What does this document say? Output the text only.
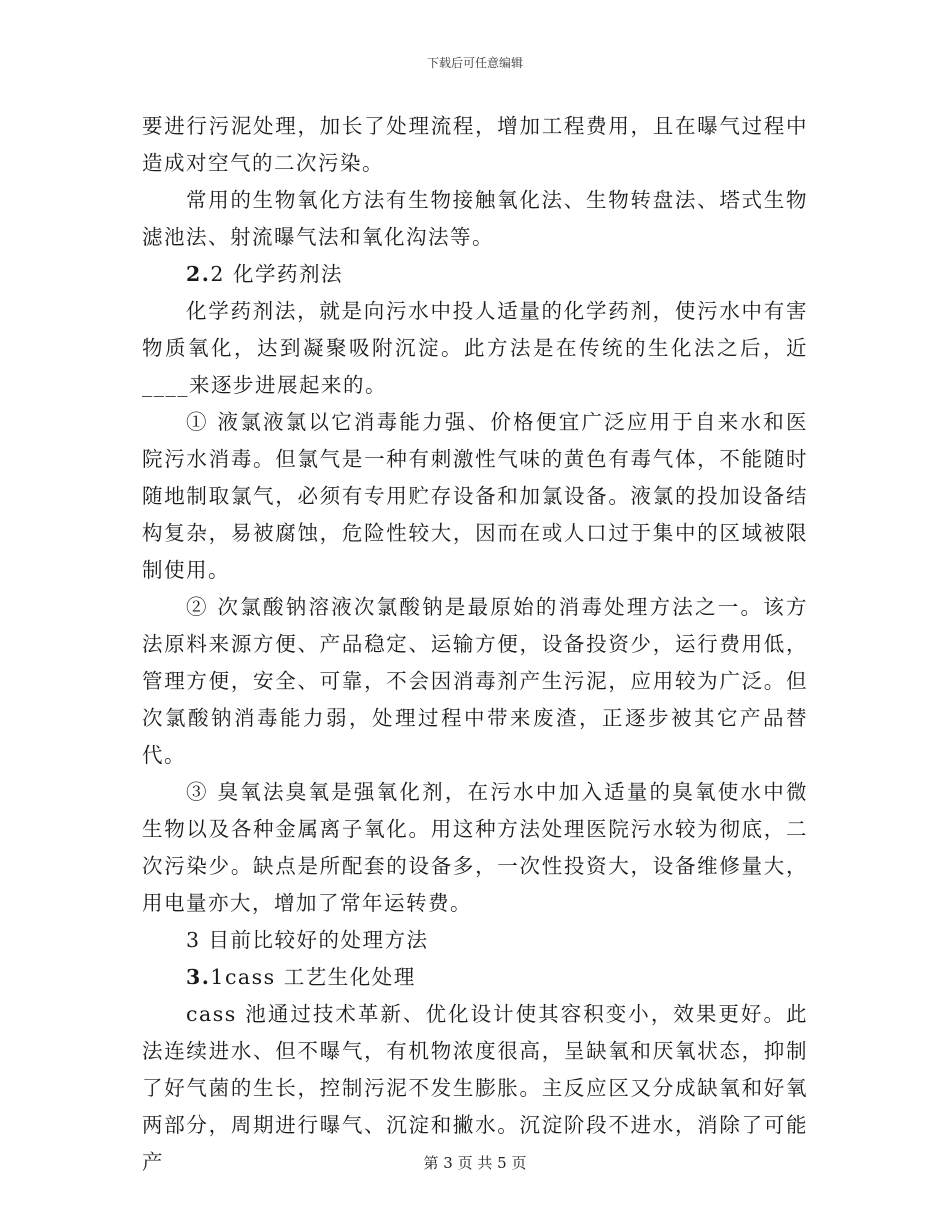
下载后可任意编辑

要进行污泥处理，加长了处理流程，增加工程费用，且在曝气过程中造成对空气的二次污染。

常用的生物氧化方法有生物接触氧化法、生物转盘法、塔式生物滤池法、射流曝气法和氧化沟法等。

2.2 化学药剂法

化学药剂法，就是向污水中投人适量的化学药剂，使污水中有害物质氧化，达到凝聚吸附沉淀。此方法是在传统的生化法之后，近____来逐步进展起来的。

① 液氯液氯以它消毒能力强、价格便宜广泛应用于自来水和医院污水消毒。但氯气是一种有刺激性气味的黄色有毒气体，不能随时随地制取氯气，必须有专用贮存设备和加氯设备。液氯的投加设备结构复杂，易被腐蚀，危险性较大，因而在或人口过于集中的区域被限制使用。

② 次氯酸钠溶液次氯酸钠是最原始的消毒处理方法之一。该方法原料来源方便、产品稳定、运输方便，设备投资少，运行费用低，管理方便，安全、可靠，不会因消毒剂产生污泥，应用较为广泛。但次氯酸钠消毒能力弱，处理过程中带来废渣，正逐步被其它产品替代。

③ 臭氧法臭氧是强氧化剂，在污水中加入适量的臭氧使水中微生物以及各种金属离子氧化。用这种方法处理医院污水较为彻底，二次污染少。缺点是所配套的设备多，一次性投资大，设备维修量大，用电量亦大，增加了常年运转费。

3 目前比较好的处理方法

3.1cass 工艺生化处理

cass 池通过技术革新、优化设计使其容积变小，效果更好。此法连续进水、但不曝气，有机物浓度很高，呈缺氧和厌氧状态，抑制了好气菌的生长，控制污泥不发生膨胀。主反应区又分成缺氧和好氧两部分，周期进行曝气、沉淀和撇水。沉淀阶段不进水，消除了可能产	第 3 页 共 5 页
